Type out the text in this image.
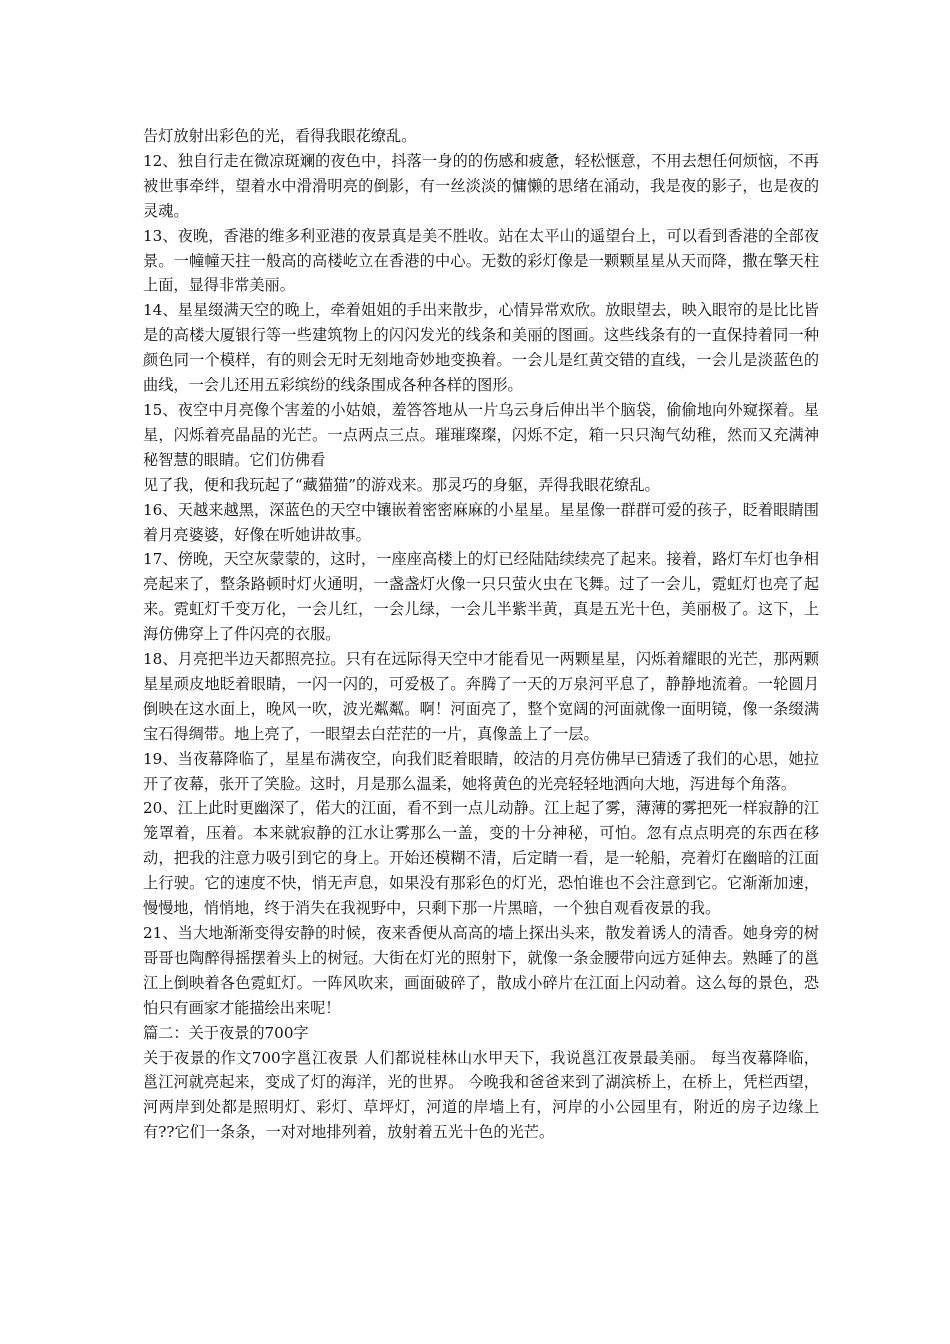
告灯放射出彩色的光，看得我眼花缭乱。

12、独自行走在微凉斑斓的夜色中，抖落一身的的伤感和疲惫，轻松惬意，不用去想任何烦恼，不再被世事牵绊，望着水中滑滑明亮的倒影，有一丝淡淡的慵懒的思绪在涌动，我是夜的影子，也是夜的灵魂。

13、夜晚，香港的维多利亚港的夜景真是美不胜收。站在太平山的遥望台上，可以看到香港的全部夜景。一幢幢天拄一般高的高楼屹立在香港的中心。无数的彩灯像是一颗颗星星从天而降，撒在擎天柱上面，显得非常美丽。

14、星星缀满天空的晚上，牵着姐姐的手出来散步，心情异常欢欣。放眼望去，映入眼帘的是比比皆是的高楼大厦银行等一些建筑物上的闪闪发光的线条和美丽的图画。这些线条有的一直保持着同一种颜色同一个模样，有的则会无时无刻地奇妙地变换着。一会儿是红黄交错的直线，一会儿是淡蓝色的曲线，一会儿还用五彩缤纷的线条围成各种各样的图形。

15、夜空中月亮像个害羞的小姑娘，羞答答地从一片乌云身后伸出半个脑袋，偷偷地向外窥探着。星星，闪烁着亮晶晶的光芒。一点两点三点。璀璀璨璨，闪烁不定，箱一只只淘气幼稚，然而又充满神秘智慧的眼睛。它们仿佛看

见了我，便和我玩起了“藏猫猫”的游戏来。那灵巧的身躯，弄得我眼花缭乱。

16、天越来越黑，深蓝色的天空中镶嵌着密密麻麻的小星星。星星像一群群可爱的孩子，眨着眼睛围着月亮婆婆，好像在听她讲故事。

17、傍晚，天空灰蒙蒙的，这时，一座座高楼上的灯已经陆陆续续亮了起来。接着，路灯车灯也争相亮起来了，整条路顿时灯火通明，一盏盏灯火像一只只萤火虫在飞舞。过了一会儿，霓虹灯也亮了起来。霓虹灯千变万化，一会儿红，一会儿绿，一会儿半紫半黄，真是五光十色，美丽极了。这下，上海仿佛穿上了件闪亮的衣服。

18、月亮把半边天都照亮拉。只有在远际得天空中才能看见一两颗星星，闪烁着耀眼的光芒，那两颗星星顽皮地眨着眼睛，一闪一闪的，可爱极了。奔腾了一天的万泉河平息了，静静地流着。一轮圆月倒映在这水面上，晚风一吹，波光粼粼。啊！河面亮了，整个宽阔的河面就像一面明镜，像一条缀满宝石得绸带。地上亮了，一眼望去白茫茫的一片，真像盖上了一层。

19、当夜幕降临了，星星布满夜空，向我们眨着眼睛，皎洁的月亮仿佛早已猜透了我们的心思，她拉开了夜幕，张开了笑脸。这时，月是那么温柔，她将黄色的光亮轻轻地洒向大地，泻进每个角落。

20、江上此时更幽深了，偌大的江面，看不到一点儿动静。江上起了雾，薄薄的雾把死一样寂静的江笼罩着，压着。本来就寂静的江水让雾那么一盖，变的十分神秘，可怕。忽有点点明亮的东西在移动，把我的注意力吸引到它的身上。开始还模糊不清，后定睛一看，是一轮船，亮着灯在幽暗的江面上行驶。它的速度不快，悄无声息，如果没有那彩色的灯光，恐怕谁也不会注意到它。它渐渐加速，慢慢地，悄悄地，终于消失在我视野中，只剩下那一片黑暗，一个独自观看夜景的我。

21、当大地渐渐变得安静的时候，夜来香便从高高的墙上探出头来，散发着诱人的清香。她身旁的树哥哥也陶醉得摇摆着头上的树冠。大街在灯光的照射下，就像一条金腰带向远方延伸去。熟睡了的邕江上倒映着各色霓虹灯。一阵风吹来，画面破碎了，散成小碎片在江面上闪动着。这么每的景色，恐怕只有画家才能描绘出来呢！

篇二：关于夜景的700字

关于夜景的作文700字邕江夜景 人们都说桂林山水甲天下，我说邕江夜景最美丽。 每当夜幕降临，邕江河就亮起来，变成了灯的海洋，光的世界。 今晚我和爸爸来到了湖滨桥上，在桥上，凭栏西望，河两岸到处都是照明灯、彩灯、草坪灯，河道的岸墙上有，河岸的小公园里有，附近的房子边缘上有??它们一条条，一对对地排列着，放射着五光十色的光芒。
